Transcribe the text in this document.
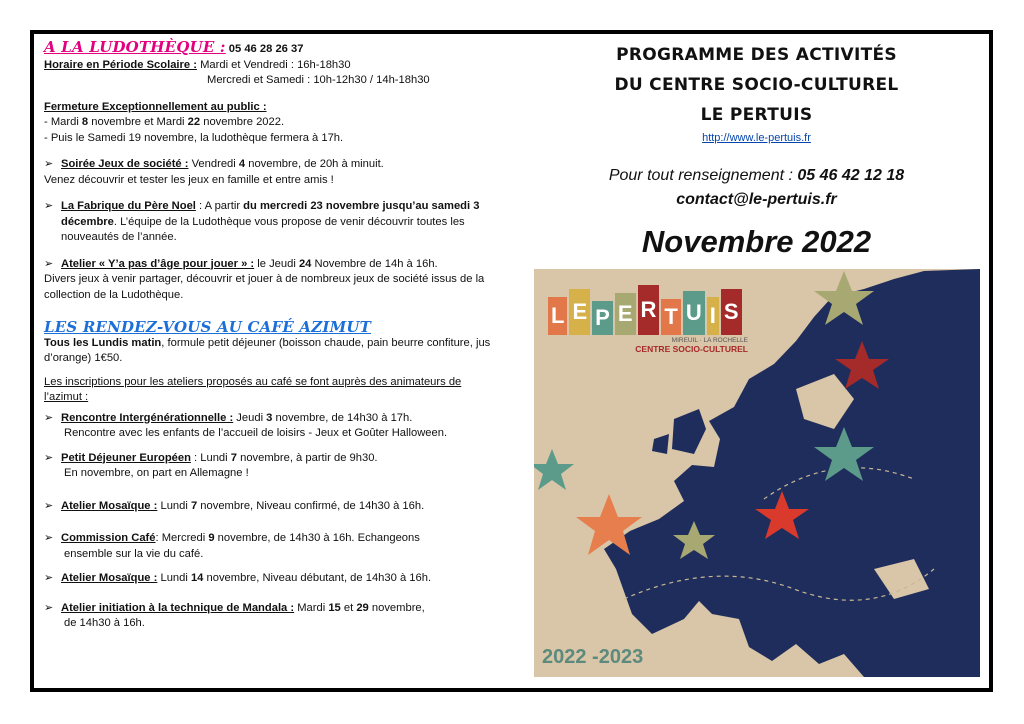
A LA LUDOTHÈQUE : 05 46 28 26 37

Horaire en Période Scolaire : Mardi et Vendredi : 16h-18h30

Mercredi et Samedi : 10h-12h30 / 14h-18h30

Fermeture Exceptionnellement au public :

- Mardi 8 novembre et Mardi 22 novembre 2022.

- Puis le Samedi 19 novembre, la ludothèque fermera à 17h.

➢ Soirée Jeux de société : Vendredi 4 novembre, de 20h à minuit.

Venez découvrir et tester les jeux en famille et entre amis !

➢ La Fabrique du Père Noel : A partir du mercredi 23 novembre jusqu’au samedi 3 décembre. L’équipe de la Ludothèque vous propose de venir découvrir toutes les nouveautés de l’année.

➢ Atelier « Y’a pas d’âge pour jouer » : le Jeudi 24 Novembre de 14h à 16h.

Divers jeux à venir partager, découvrir et jouer à de nombreux jeux de société issus de la collection de la Ludothèque.

LES RENDEZ-VOUS AU CAFÉ AZIMUT

Tous les Lundis matin, formule petit déjeuner (boisson chaude, pain beurre confiture, jus d’orange) 1€50.

Les inscriptions pour les ateliers proposés au café se font auprès des animateurs de l’azimut :

➢ Rencontre Intergénérationnelle : Jeudi 3 novembre, de 14h30 à 17h.

Rencontre avec les enfants de l’accueil de loisirs - Jeux et Goûter Halloween.

➢ Petit Déjeuner Européen : Lundi 7 novembre, à partir de 9h30.

En novembre, on part en Allemagne !

➢ Atelier Mosaïque : Lundi 7 novembre, Niveau confirmé, de 14h30 à 16h.

➢ Commission Café: Mercredi 9 novembre, de 14h30 à 16h. Echangeons

ensemble sur la vie du café.

➢ Atelier Mosaïque : Lundi 14 novembre, Niveau débutant, de 14h30 à 16h.

➢ Atelier initiation à la technique de Mandala : Mardi 15 et 29 novembre,

de 14h30 à 16h.

PROGRAMME DES ACTIVITÉS
DU CENTRE SOCIO-CULTUREL
LE PERTUIS
http://www.le-pertuis.fr
Pour tout renseignement : 05 46 42 12 18
contact@le-pertuis.fr
Novembre 2022
L E P E R T U I S
MIREUIL · LA ROCHELLE
CENTRE SOCIO-CULTUREL
2022 -2023
